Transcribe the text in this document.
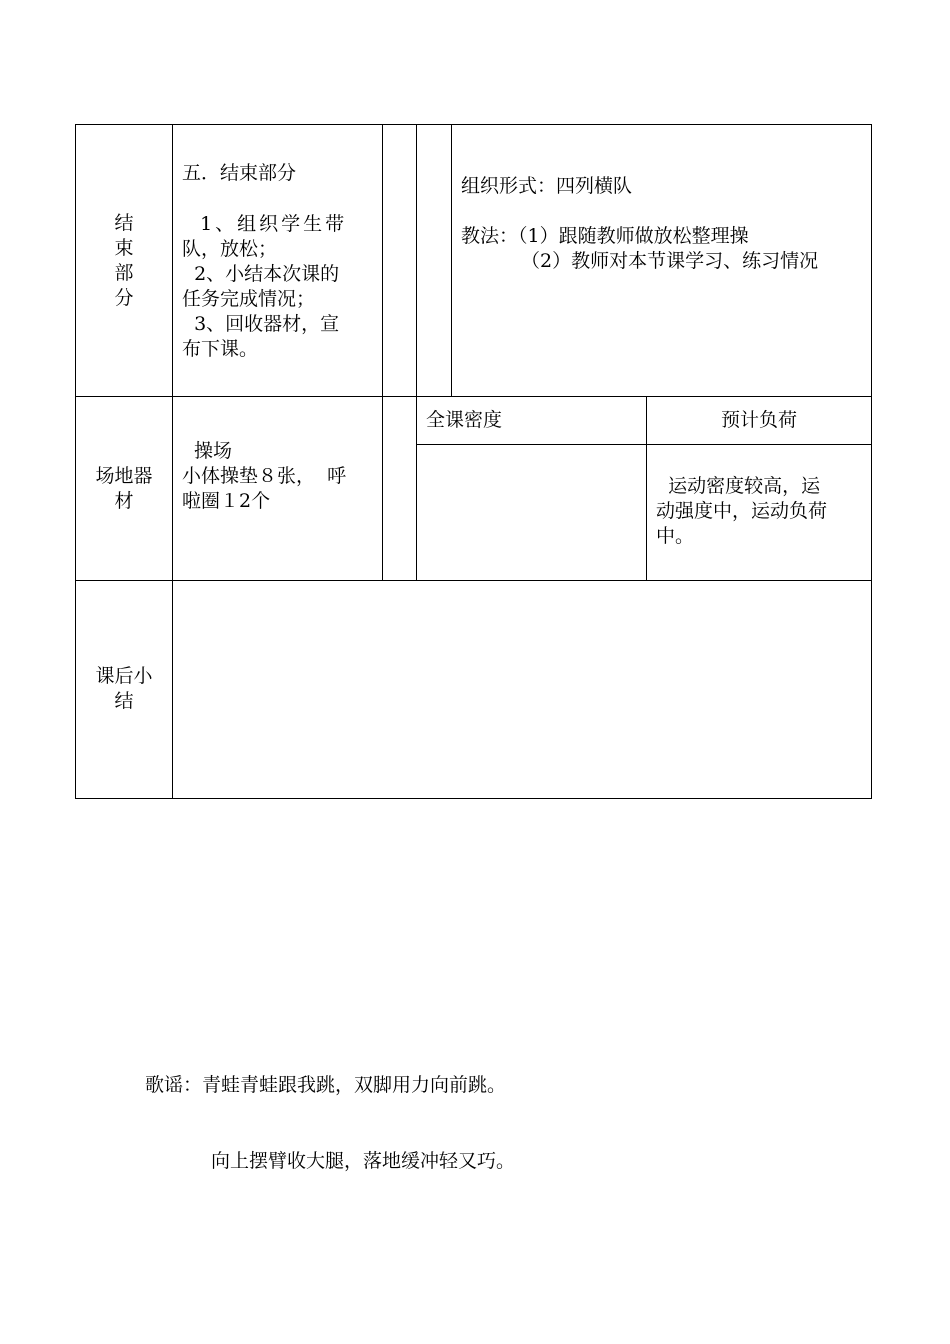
结
束
部
分
五．结束部分
1、组织学生带
队，放松；
2、小结本次课的
任务完成情况；
3、回收器材，宣
布下课。
组织形式：四列横队
教法：（1）跟随教师做放松整理操
（2）教师对本节课学习、练习情况
场地器
材
操场
小体操垫８张，  呼
啦圈１2个
全课密度	预计负荷
运动密度较高，运
动强度中，运动负荷
中。
课后小
结
歌谣：青蛙青蛙跟我跳，双脚用力向前跳。
向上摆臂收大腿，落地缓冲轻又巧。
